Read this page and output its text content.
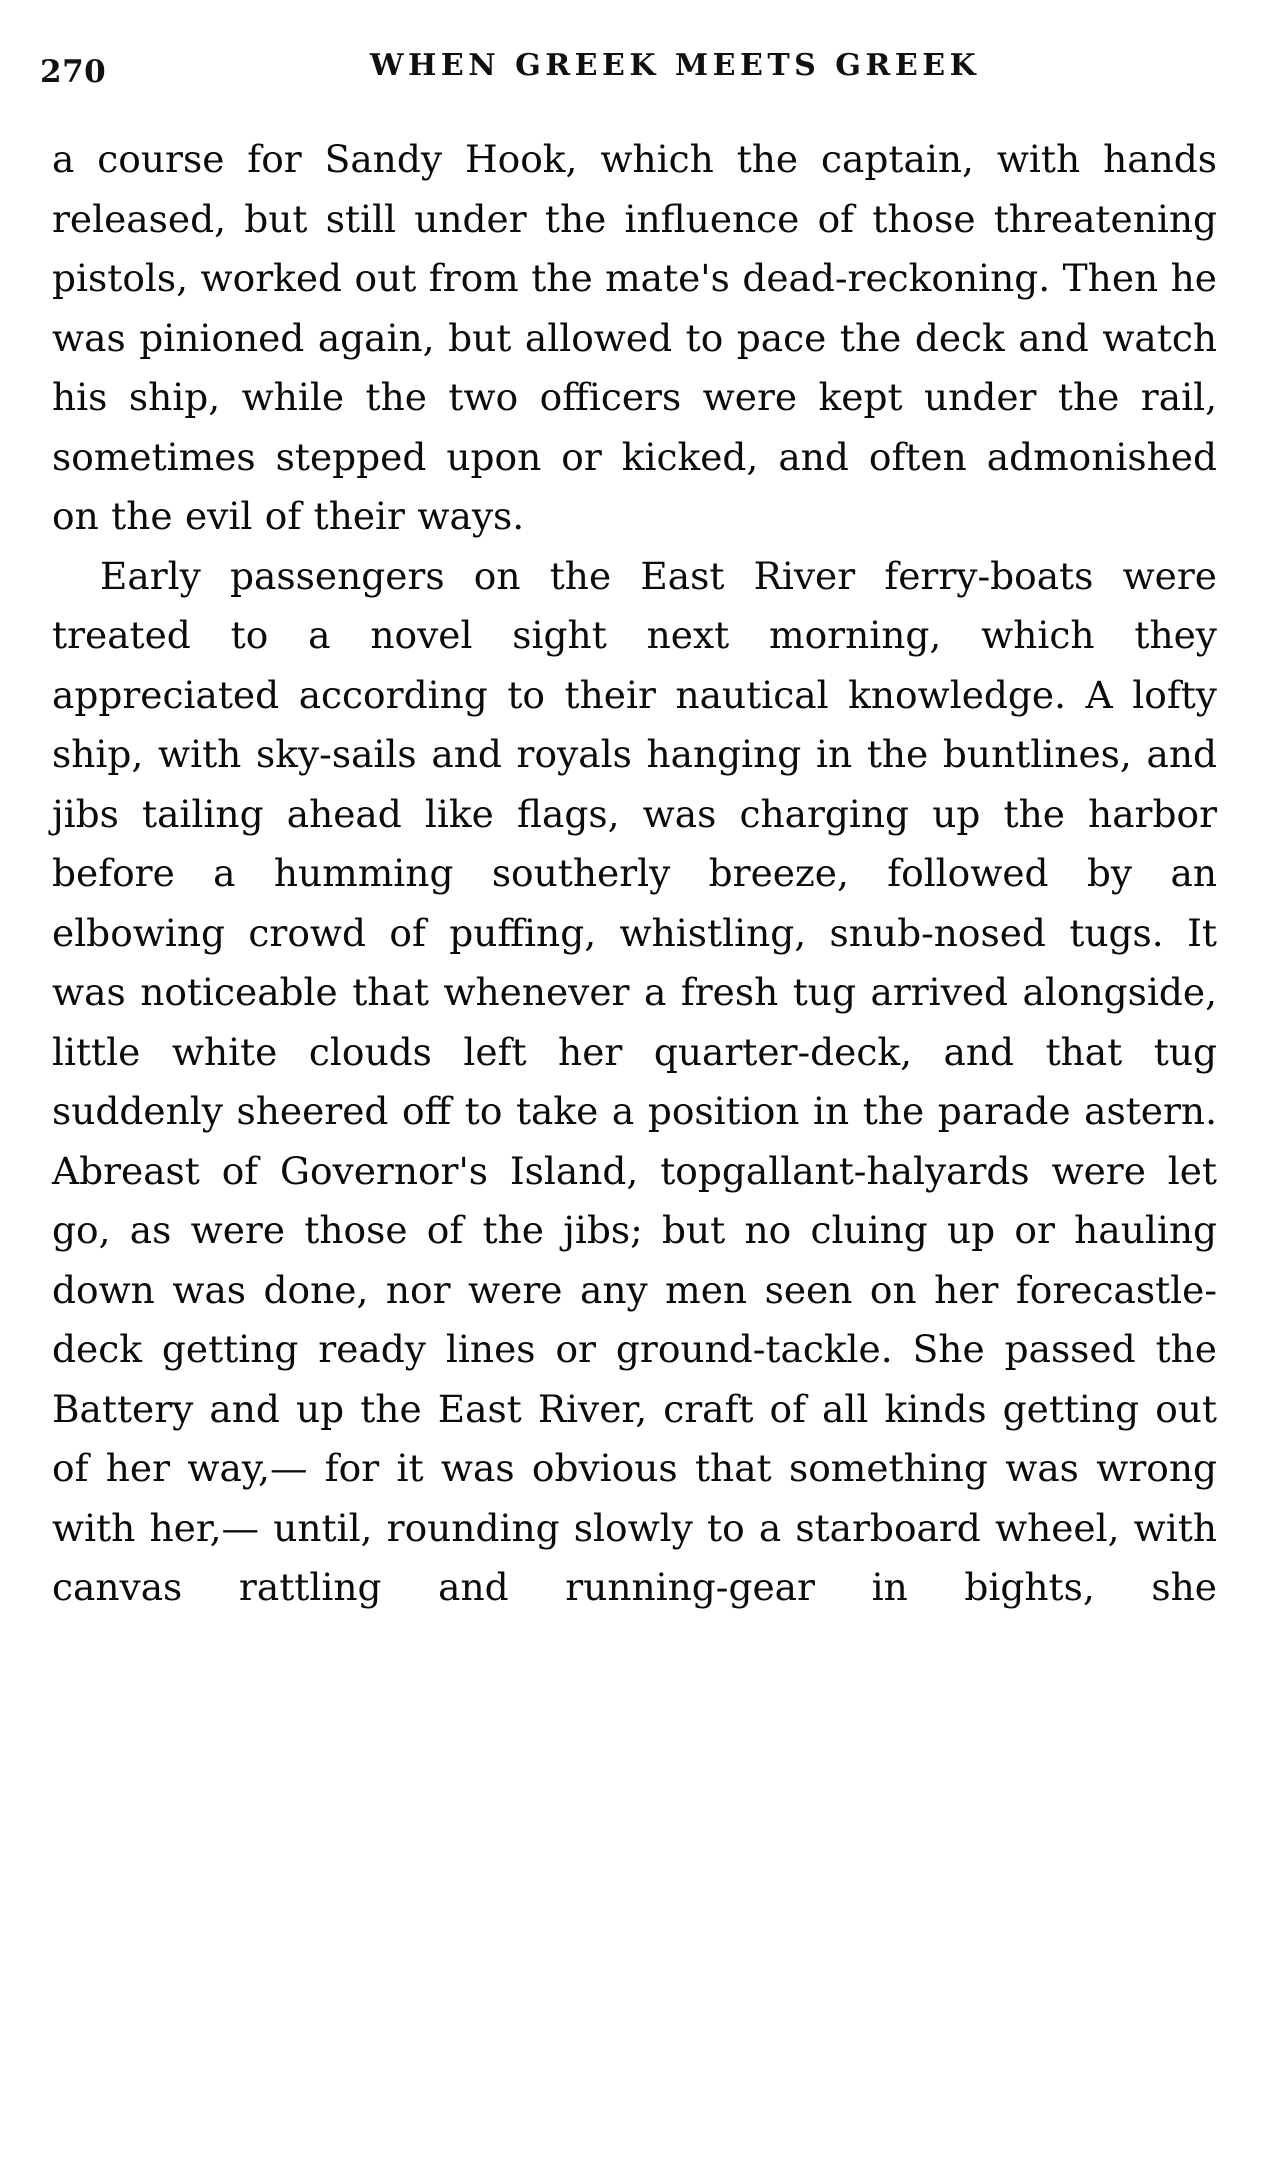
270	WHEN GREEK MEETS GREEK

a course for Sandy Hook, which the captain, with hands released, but still under the influence of those threatening pistols, worked out from the mate's dead-reckoning. Then he was pinioned again, but allowed to pace the deck and watch his ship, while the two officers were kept under the rail, sometimes stepped upon or kicked, and often admonished on the evil of their ways.

Early passengers on the East River ferry-boats were treated to a novel sight next morning, which they appreciated according to their nautical knowledge. A lofty ship, with sky-sails and royals hanging in the buntlines, and jibs tailing ahead like flags, was charging up the harbor before a humming southerly breeze, followed by an elbowing crowd of puffing, whistling, snub-nosed tugs. It was noticeable that whenever a fresh tug arrived alongside, little white clouds left her quarter-deck, and that tug suddenly sheered off to take a position in the parade astern. Abreast of Governor's Island, topgallant-halyards were let go, as were those of the jibs; but no cluing up or hauling down was done, nor were any men seen on her forecastle-deck getting ready lines or ground-tackle. She passed the Battery and up the East River, craft of all kinds getting out of her way,— for it was obvious that something was wrong with her,— until, rounding slowly to a starboard wheel, with canvas rattling and running-gear in bights, she
